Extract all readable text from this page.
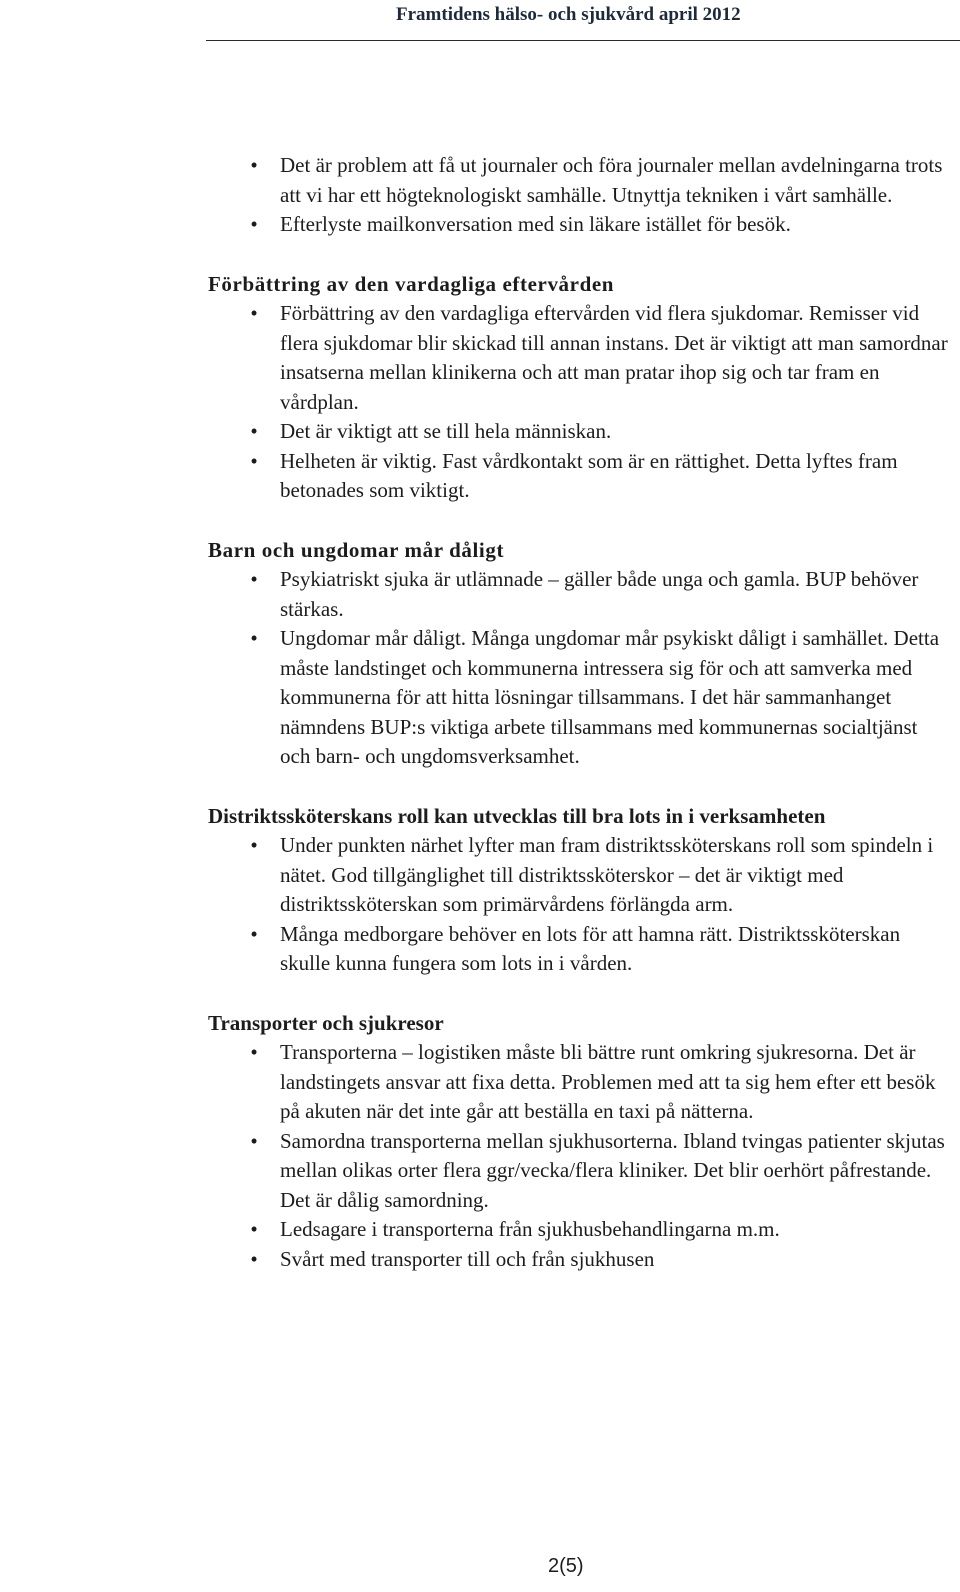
Framtidens hälso- och sjukvård april 2012
•	Det är problem att få ut journaler och föra journaler mellan avdelningarna trots att vi har ett högteknologiskt samhälle. Utnyttja tekniken i vårt samhälle.
•	Efterlyste mailkonversation med sin läkare istället för besök.
Förbättring av den vardagliga eftervården
•	Förbättring av den vardagliga eftervården vid flera sjukdomar. Remisser vid flera sjukdomar blir skickad till annan instans. Det är viktigt att man samordnar insatserna mellan klinikerna och att man pratar ihop sig och tar fram en vårdplan.
•	Det är viktigt att se till hela människan.
•	Helheten är viktig. Fast vårdkontakt som är en rättighet. Detta lyftes fram betonades som viktigt.
Barn och ungdomar mår dåligt
•	Psykiatriskt sjuka är utlämnade – gäller både unga och gamla. BUP behöver stärkas.
•	Ungdomar mår dåligt. Många ungdomar mår psykiskt dåligt i samhället. Detta måste landstinget och kommunerna intressera sig för och att samverka med kommunerna för att hitta lösningar tillsammans. I det här sammanhanget nämndens BUP:s viktiga arbete tillsammans med kommunernas socialtjänst och barn- och ungdomsverksamhet.
Distriktssköterskans roll kan utvecklas till bra lots in i verksamheten
•	Under punkten närhet lyfter man fram distriktssköterskans roll som spindeln i nätet. God tillgänglighet till distriktssköterskor – det är viktigt med distriktssköterskan som primärvårdens förlängda arm.
•	Många medborgare behöver en lots för att hamna rätt. Distriktssköterskan skulle kunna fungera som lots in i vården.
Transporter och sjukresor
•	Transporterna – logistiken måste bli bättre runt omkring sjukresorna. Det är landstingets ansvar att fixa detta. Problemen med att ta sig hem efter ett besök på akuten när det inte går att beställa en taxi på nätterna.
•	Samordna transporterna mellan sjukhusorterna. Ibland tvingas patienter skjutas mellan olikas orter flera ggr/vecka/flera kliniker. Det blir oerhört påfrestande. Det är dålig samordning.
•	Ledsagare i transporterna från sjukhusbehandlingarna m.m.
•	Svårt med transporter till och från sjukhusen
2(5)
